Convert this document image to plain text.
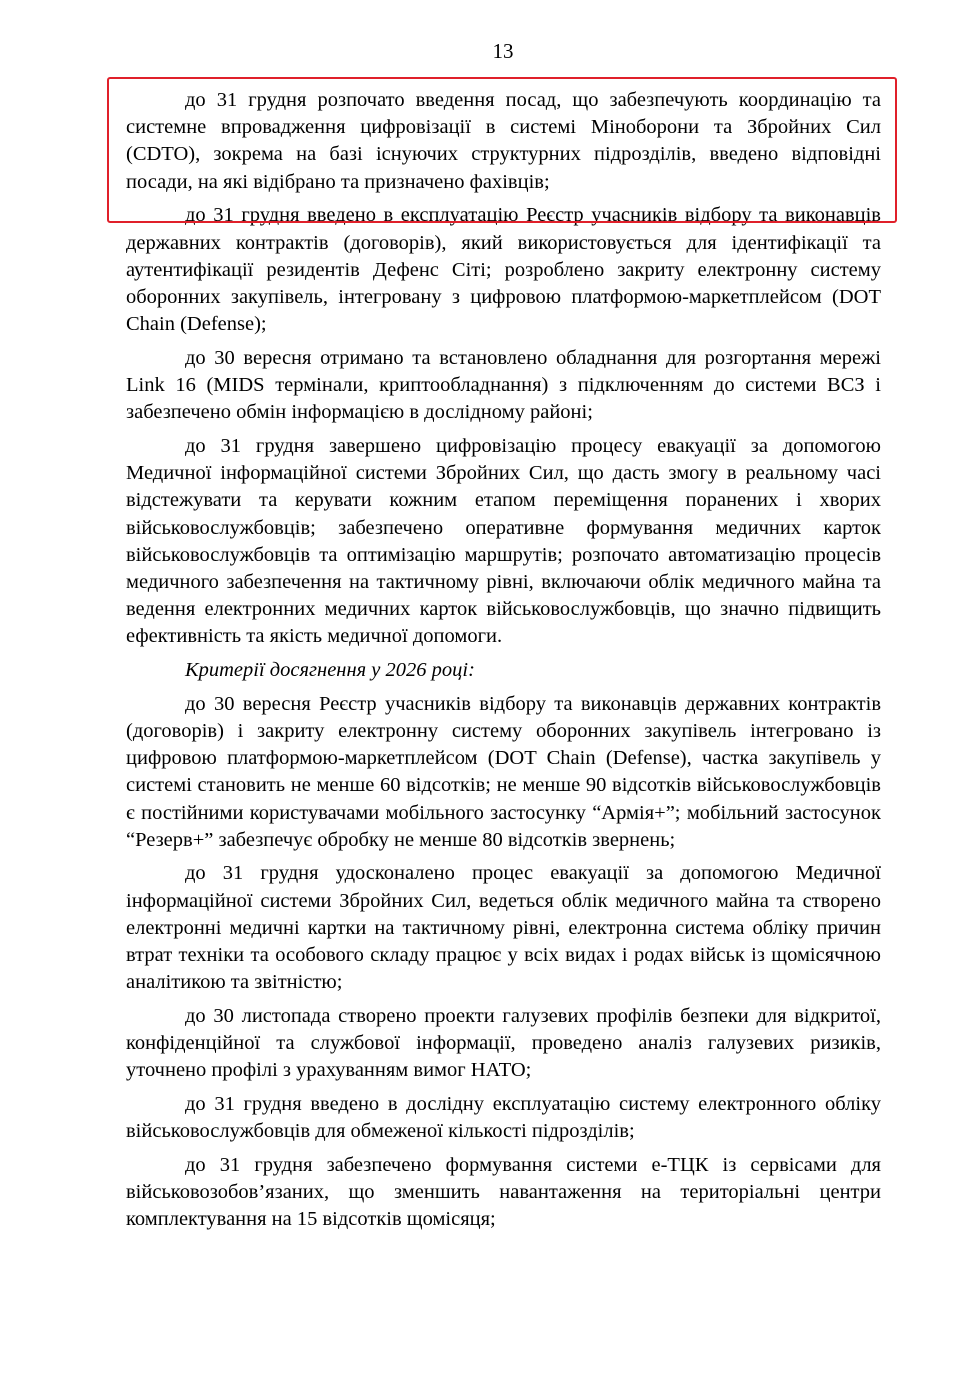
13

до 31 грудня розпочато введення посад, що забезпечують координацію та системне впровадження цифровізації в системі Міноборони та Збройних Сил (CDTO), зокрема на базі існуючих структурних підрозділів, введено відповідні посади, на які відібрано та призначено фахівців;

до 31 грудня введено в експлуатацію Реєстр учасників відбору та виконавців державних контрактів (договорів), який використовується для ідентифікації та аутентифікації резидентів Дефенс Сіті; розроблено закриту електронну систему оборонних закупівель, інтегровану з цифровою платформою-маркетплейсом (DOT Chain (Defense);

до 30 вересня отримано та встановлено обладнання для розгортання мережі Link 16 (MIDS термінали, криптообладнання) з підключенням до системи ВСЗ і забезпечено обмін інформацією в дослідному районі;

до 31 грудня завершено цифровізацію процесу евакуації за допомогою Медичної інформаційної системи Збройних Сил, що дасть змогу в реальному часі відстежувати та керувати кожним етапом переміщення поранених і хворих військовослужбовців; забезпечено оперативне формування медичних карток військовослужбовців та оптимізацію маршрутів; розпочато автоматизацію процесів медичного забезпечення на тактичному рівні, включаючи облік медичного майна та ведення електронних медичних карток військовослужбовців, що значно підвищить ефективність та якість медичної допомоги.

Критерії досягнення у 2026 році:

до 30 вересня Реєстр учасників відбору та виконавців державних контрактів (договорів) і закриту електронну систему оборонних закупівель інтегровано із цифровою платформою-маркетплейсом (DOT Chain (Defense), частка закупівель у системі становить не менше 60 відсотків; не менше 90 відсотків військовослужбовців є постійними користувачами мобільного застосунку “Армія+”; мобільний застосунок “Резерв+” забезпечує обробку не менше 80 відсотків звернень;

до 31 грудня удосконалено процес евакуації за допомогою Медичної інформаційної системи Збройних Сил, ведеться облік медичного майна та створено електронні медичні картки на тактичному рівні, електронна система обліку причин втрат техніки та особового складу працює у всіх видах і родах військ із щомісячною аналітикою та звітністю;

до 30 листопада створено проекти галузевих профілів безпеки для відкритої, конфіденційної та службової інформації, проведено аналіз галузевих ризиків, уточнено профілі з урахуванням вимог НАТО;

до 31 грудня введено в дослідну експлуатацію систему електронного обліку військовослужбовців для обмеженої кількості підрозділів;

до 31 грудня забезпечено формування системи е-ТЦК із сервісами для військовозобов’язаних, що зменшить навантаження на територіальні центри комплектування на 15 відсотків щомісяця;
